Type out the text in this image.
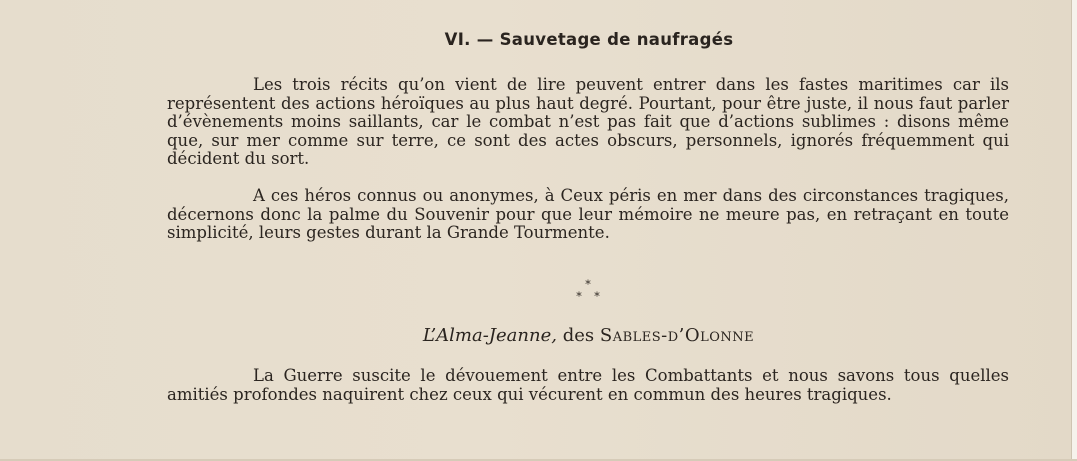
VI. — Sauvetage de naufragés

Les trois récits qu’on vient de lire peuvent entrer dans les fastes maritimes car ils représentent des actions héroïques au plus haut degré. Pourtant, pour être juste, il nous faut parler d’évènements moins saillants, car le combat n’est pas fait que d’actions sublimes : disons même que, sur mer comme sur terre, ce sont des actes obscurs, personnels, ignorés fréquemment qui décident du sort.

A ces héros connus ou anonymes, à Ceux péris en mer dans des circonstances tragiques, décernons donc la palme du Souvenir pour que leur mémoire ne meure pas, en retraçant en toute simplicité, leurs gestes durant la Grande Tourmente.

*
* *
L’Alma-Jeanne, des Sables-d’Olonne

La Guerre suscite le dévouement entre les Combattants et nous savons tous quelles amitiés profondes naquirent chez ceux qui vécurent en commun des heures tragiques.
